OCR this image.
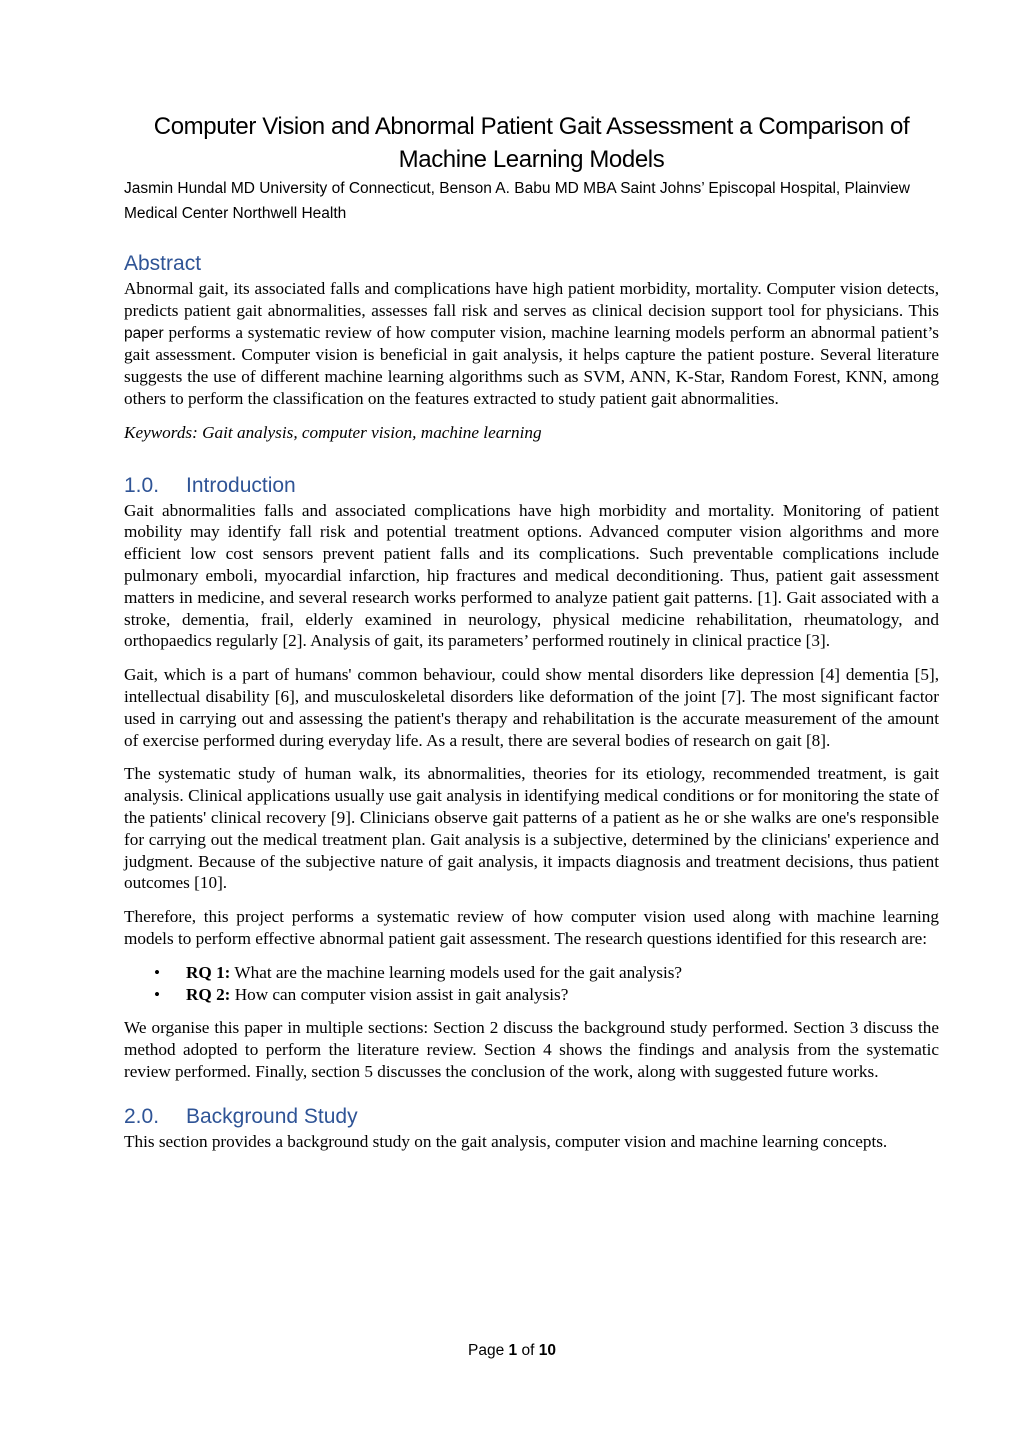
Computer Vision and Abnormal Patient Gait Assessment a Comparison of Machine Learning Models

Jasmin Hundal MD University of Connecticut, Benson A. Babu MD MBA Saint Johns’ Episcopal Hospital, Plainview Medical Center Northwell Health

Abstract

Abnormal gait, its associated falls and complications have high patient morbidity, mortality. Computer vision detects, predicts patient gait abnormalities, assesses fall risk and serves as clinical decision support tool for physicians. This paper performs a systematic review of how computer vision, machine learning models perform an abnormal patient’s gait assessment. Computer vision is beneficial in gait analysis, it helps capture the patient posture. Several literature suggests the use of different machine learning algorithms such as SVM, ANN, K-Star, Random Forest, KNN, among others to perform the classification on the features extracted to study patient gait abnormalities.

Keywords: Gait analysis, computer vision, machine learning

1.0. Introduction

Gait abnormalities falls and associated complications have high morbidity and mortality. Monitoring of patient mobility may identify fall risk and potential treatment options. Advanced computer vision algorithms and more efficient low cost sensors prevent patient falls and its complications. Such preventable complications include pulmonary emboli, myocardial infarction, hip fractures and medical deconditioning. Thus, patient gait assessment matters in medicine, and several research works performed to analyze patient gait patterns. [1]. Gait associated with a stroke, dementia, frail, elderly examined in neurology, physical medicine rehabilitation, rheumatology, and orthopaedics regularly [2]. Analysis of gait, its parameters’ performed routinely in clinical practice [3].

Gait, which is a part of humans' common behaviour, could show mental disorders like depression [4] dementia [5], intellectual disability [6], and musculoskeletal disorders like deformation of the joint [7]. The most significant factor used in carrying out and assessing the patient's therapy and rehabilitation is the accurate measurement of the amount of exercise performed during everyday life. As a result, there are several bodies of research on gait [8].

The systematic study of human walk, its abnormalities, theories for its etiology, recommended treatment, is gait analysis. Clinical applications usually use gait analysis in identifying medical conditions or for monitoring the state of the patients' clinical recovery [9]. Clinicians observe gait patterns of a patient as he or she walks are one's responsible for carrying out the medical treatment plan. Gait analysis is a subjective, determined by the clinicians' experience and judgment. Because of the subjective nature of gait analysis, it impacts diagnosis and treatment decisions, thus patient outcomes [10].

Therefore, this project performs a systematic review of how computer vision used along with machine learning models to perform effective abnormal patient gait assessment. The research questions identified for this research are:

• RQ 1: What are the machine learning models used for the gait analysis?
• RQ 2: How can computer vision assist in gait analysis?

We organise this paper in multiple sections: Section 2 discuss the background study performed. Section 3 discuss the method adopted to perform the literature review. Section 4 shows the findings and analysis from the systematic review performed. Finally, section 5 discusses the conclusion of the work, along with suggested future works.

2.0. Background Study

This section provides a background study on the gait analysis, computer vision and machine learning concepts.

Page 1 of 10
